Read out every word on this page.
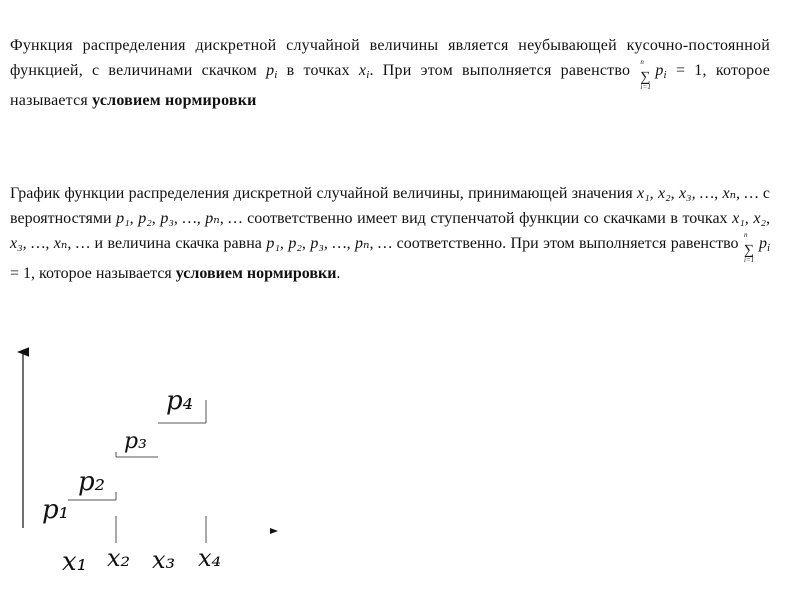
Функция распределения дискретной случайной величины является неубывающей кусочно-постоянной функцией, с величинами скачком pi в точках xi. При этом выполняется равенство n
∑
i=1
pi = 1, которое называется условием нормировки

График функции распределения дискретной случайной величины, принимающей значения x₁, x₂, x₃, …, xₙ, … с вероятностями p₁, p₂, p₃, …, pₙ, … соответственно имеет вид ступенчатой функции со скачками в точках x₁, x₂, x₃, …, xₙ, … и величина скачка равна p₁, p₂, p₃, …, pₙ, … соответственно. При этом выполняется равенство n
∑
i=1
pi = 1, которое называется условием нормировки.

p₁
p₂
p₃
p₄
x₁ x₂ x₃ x₄
